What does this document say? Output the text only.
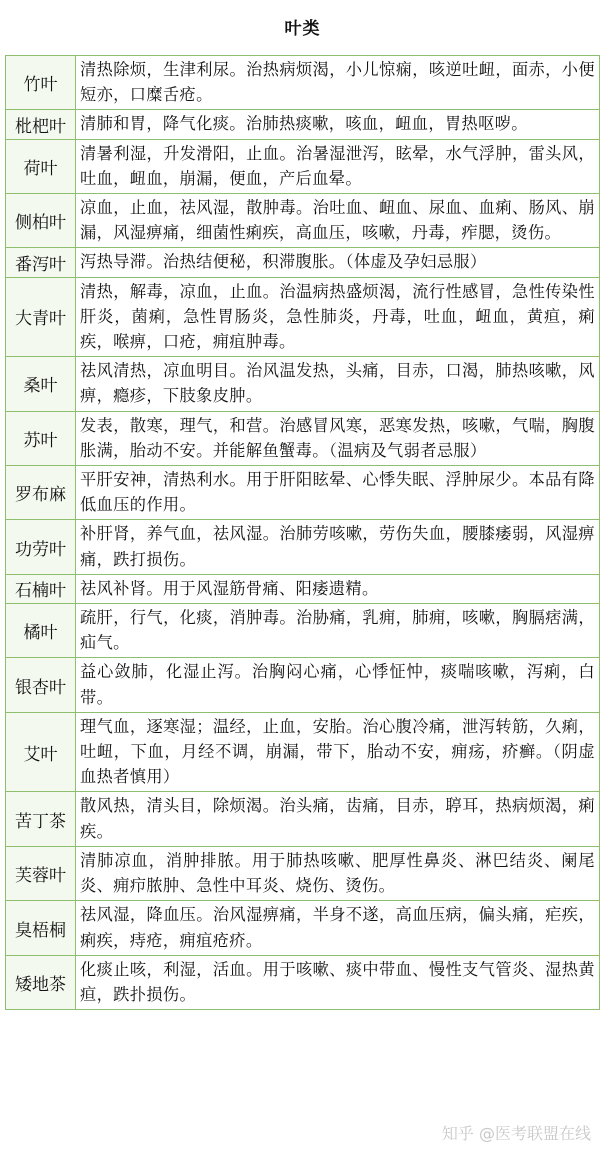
叶类
竹叶	清热除烦，生津利尿。治热病烦渴，小儿惊痫，咳逆吐衄，面赤，小便短亦，口糜舌疮。
枇杷叶	清肺和胃，降气化痰。治肺热痰嗽，咳血，衄血，胃热呕哕。
荷叶	清暑利湿，升发滑阳，止血。治暑湿泄泻，眩晕，水气浮肿，雷头风，吐血，衄血，崩漏，便血，产后血晕。
侧柏叶	凉血，止血，祛风湿，散肿毒。治吐血、衄血、尿血、血痢、肠风、崩漏，风湿痹痛，细菌性痢疾，高血压，咳嗽，丹毒，痄腮，烫伤。
番泻叶	泻热导滞。治热结便秘，积滞腹胀。（体虚及孕妇忌服）
大青叶	清热，解毒，凉血，止血。治温病热盛烦渴，流行性感冒，急性传染性肝炎，菌痢，急性胃肠炎，急性肺炎，丹毒，吐血，衄血，黄疸，痢疾，喉痹，口疮，痈疽肿毒。
桑叶	祛风清热，凉血明目。治风温发热，头痛，目赤，口渴，肺热咳嗽，风痹，瘾疹，下肢象皮肿。
苏叶	发表，散寒，理气，和营。治感冒风寒，恶寒发热，咳嗽，气喘，胸腹胀满，胎动不安。并能解鱼蟹毒。（温病及气弱者忌服）
罗布麻	平肝安神，清热利水。用于肝阳眩晕、心悸失眠、浮肿尿少。本品有降低血压的作用。
功劳叶	补肝肾，养气血，祛风湿。治肺劳咳嗽，劳伤失血，腰膝痿弱，风湿痹痛，跌打损伤。
石楠叶	祛风补肾。用于风湿筋骨痛、阳痿遗精。
橘叶	疏肝，行气，化痰，消肿毒。治胁痛，乳痈，肺痈，咳嗽，胸膈痞满，疝气。
银杏叶	益心敛肺，化湿止泻。治胸闷心痛，心悸怔忡，痰喘咳嗽，泻痢，白带。
艾叶	理气血，逐寒湿；温经，止血，安胎。治心腹冷痛，泄泻转筋，久痢，吐衄，下血，月经不调，崩漏，带下，胎动不安，痈疡，疥癣。（阴虚血热者慎用）
苦丁茶	散风热，清头目，除烦渴。治头痛，齿痛，目赤，聤耳，热病烦渴，痢疾。
芙蓉叶	清肺凉血，消肿排脓。用于肺热咳嗽、肥厚性鼻炎、淋巴结炎、阑尾炎、痈疖脓肿、急性中耳炎、烧伤、烫伤。
臭梧桐	祛风湿，降血压。治风湿痹痛，半身不遂，高血压病，偏头痛，疟疾，痢疾，痔疮，痈疽疮疥。
矮地茶	化痰止咳，利湿，活血。用于咳嗽、痰中带血、慢性支气管炎、湿热黄疸，跌扑损伤。
知乎 @医考联盟在线
